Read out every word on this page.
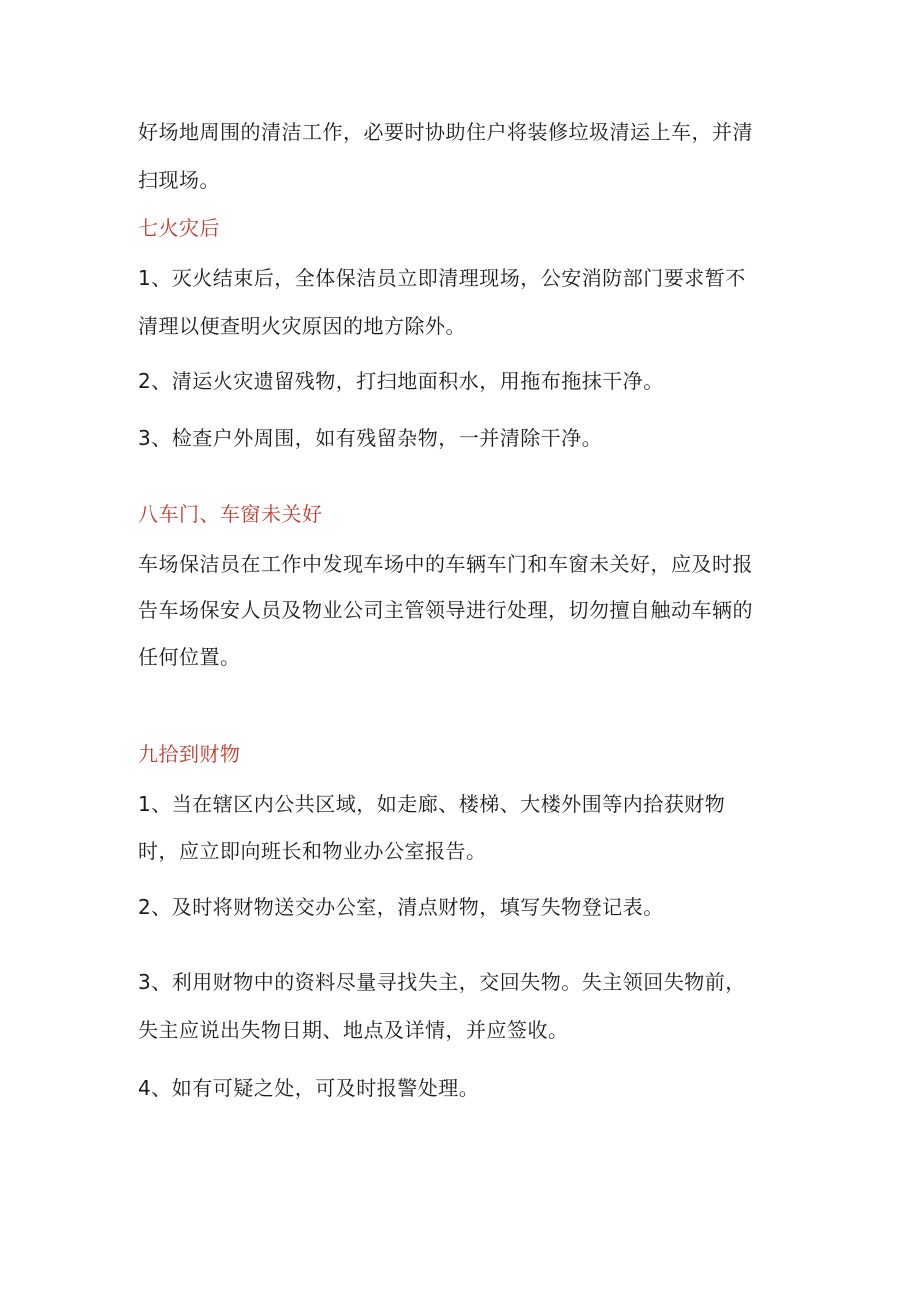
好场地周围的清洁工作，必要时协助住户将装修垃圾清运上车，并清
扫现场。
七火灾后
1、灭火结束后，全体保洁员立即清理现场，公安消防部门要求暂不
清理以便查明火灾原因的地方除外。
2、清运火灾遗留残物，打扫地面积水，用拖布拖抹干净。
3、检查户外周围，如有残留杂物，一并清除干净。
八车门、车窗未关好
车场保洁员在工作中发现车场中的车辆车门和车窗未关好，应及时报
告车场保安人员及物业公司主管领导进行处理，切勿擅自触动车辆的
任何位置。
九拾到财物
1、当在辖区内公共区域，如走廊、楼梯、大楼外围等内拾获财物
时，应立即向班长和物业办公室报告。
2、及时将财物送交办公室，清点财物，填写失物登记表。
3、利用财物中的资料尽量寻找失主，交回失物。失主领回失物前，
失主应说出失物日期、地点及详情，并应签收。
4、如有可疑之处，可及时报警处理。
